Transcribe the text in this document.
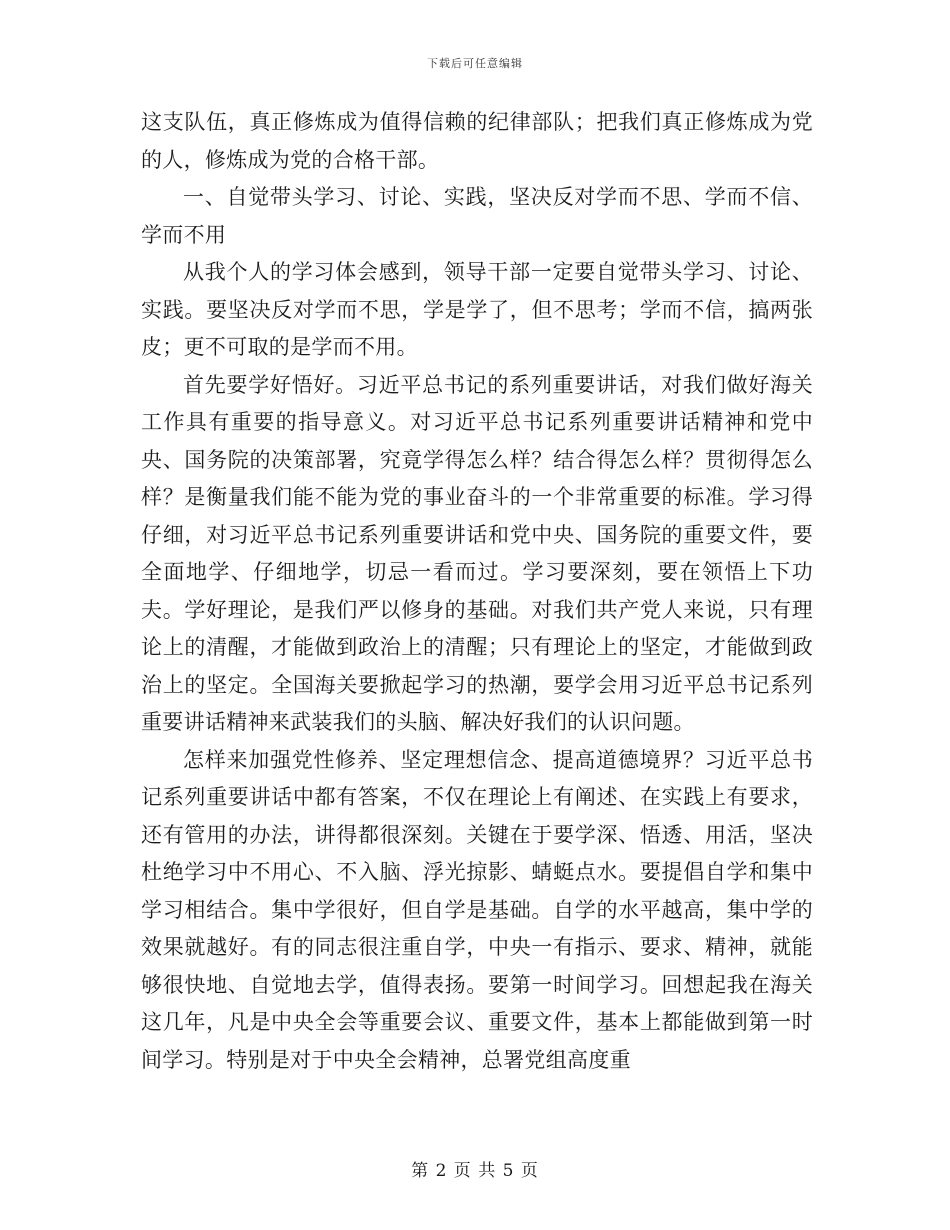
下载后可任意编辑

这支队伍，真正修炼成为值得信赖的纪律部队；把我们真正修炼成为党的人，修炼成为党的合格干部。

一、自觉带头学习、讨论、实践，坚决反对学而不思、学而不信、学而不用

从我个人的学习体会感到，领导干部一定要自觉带头学习、讨论、实践。要坚决反对学而不思，学是学了，但不思考；学而不信，搞两张皮；更不可取的是学而不用。

首先要学好悟好。习近平总书记的系列重要讲话，对我们做好海关工作具有重要的指导意义。对习近平总书记系列重要讲话精神和党中央、国务院的决策部署，究竟学得怎么样？结合得怎么样？贯彻得怎么样？是衡量我们能不能为党的事业奋斗的一个非常重要的标准。学习得仔细，对习近平总书记系列重要讲话和党中央、国务院的重要文件，要全面地学、仔细地学，切忌一看而过。学习要深刻，要在领悟上下功夫。学好理论，是我们严以修身的基础。对我们共产党人来说，只有理论上的清醒，才能做到政治上的清醒；只有理论上的坚定，才能做到政治上的坚定。全国海关要掀起学习的热潮，要学会用习近平总书记系列重要讲话精神来武装我们的头脑、解决好我们的认识问题。

怎样来加强党性修养、坚定理想信念、提高道德境界？习近平总书记系列重要讲话中都有答案，不仅在理论上有阐述、在实践上有要求，还有管用的办法，讲得都很深刻。关键在于要学深、悟透、用活，坚决杜绝学习中不用心、不入脑、浮光掠影、蜻蜓点水。要提倡自学和集中学习相结合。集中学很好，但自学是基础。自学的水平越高，集中学的效果就越好。有的同志很注重自学，中央一有指示、要求、精神，就能够很快地、自觉地去学，值得表扬。要第一时间学习。回想起我在海关这几年，凡是中央全会等重要会议、重要文件，基本上都能做到第一时间学习。特别是对于中央全会精神，总署党组高度重

第 2 页 共 5 页
